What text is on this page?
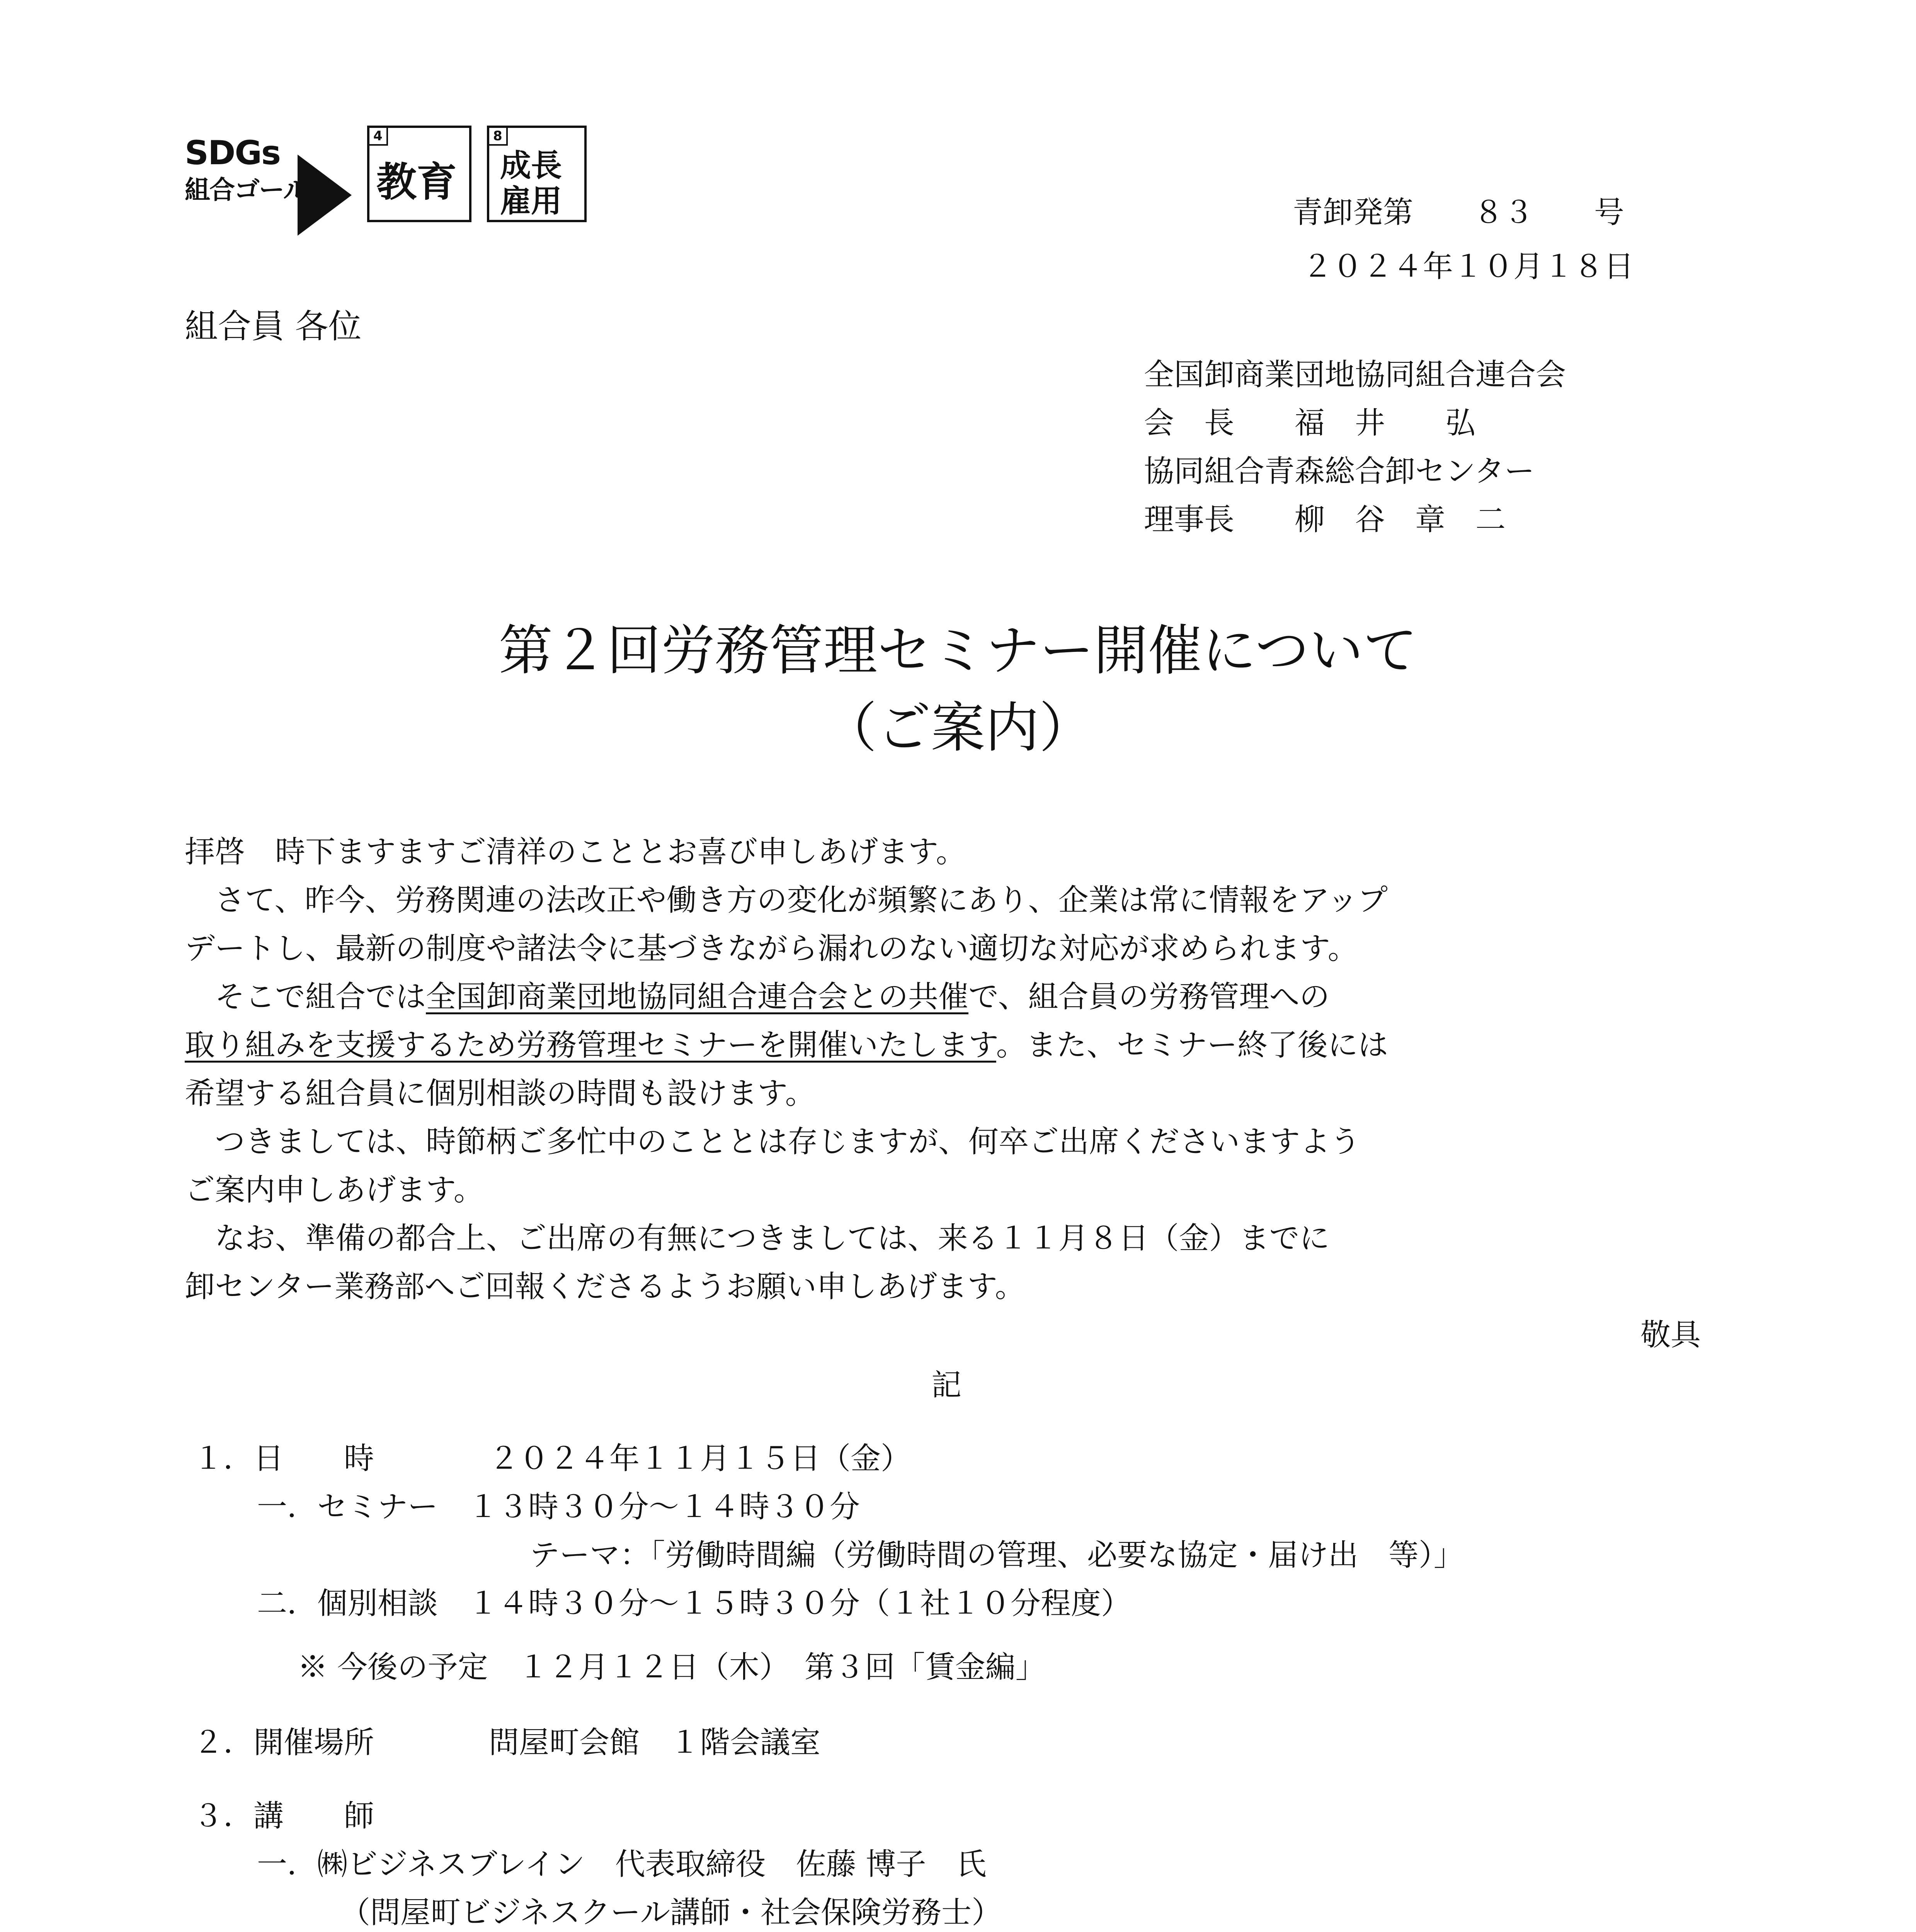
SDGs
組合ゴール
4
教育
8
成長
雇用	青卸発第　　８３　　号
２０２４年１０月１８日
組合員 各位
全国卸商業団地協同組合連合会
会　長　　福　井　　弘
協同組合青森総合卸センター
理事長　　柳　谷　章　二
第２回労務管理セミナー開催について
（ご案内）
拝啓　時下ますますご清祥のこととお喜び申しあげます。
　さて、昨今、労務関連の法改正や働き方の変化が頻繁にあり、企業は常に情報をアップ
デートし、最新の制度や諸法令に基づきながら漏れのない適切な対応が求められます。
　そこで組合では全国卸商業団地協同組合連合会との共催で、組合員の労務管理への
取り組みを支援するため労務管理セミナーを開催いたします。また、セミナー終了後には
希望する組合員に個別相談の時間も設けます。
　つきましては、時節柄ご多忙中のこととは存じますが、何卒ご出席くださいますよう
ご案内申しあげます。
　なお、準備の都合上、ご出席の有無につきましては、来る１１月８日（金）までに
卸センター業務部へご回報くださるようお願い申しあげます。
敬具
記
１．日　　時	２０２４年１１月１５日（金）
一．セミナー　１３時３０分～１４時３０分
テーマ：「労働時間編（労働時間の管理、必要な協定・届け出　等）」
二．個別相談　１４時３０分～１５時３０分（１社１０分程度）
※ 今後の予定　１２月１２日（木）　第３回「賃金編」
２．開催場所	問屋町会館　１階会議室
３．講　　師
一．㈱ビジネスブレイン　代表取締役　佐藤 博子　氏
（問屋町ビジネスクール講師・社会保険労務士）
